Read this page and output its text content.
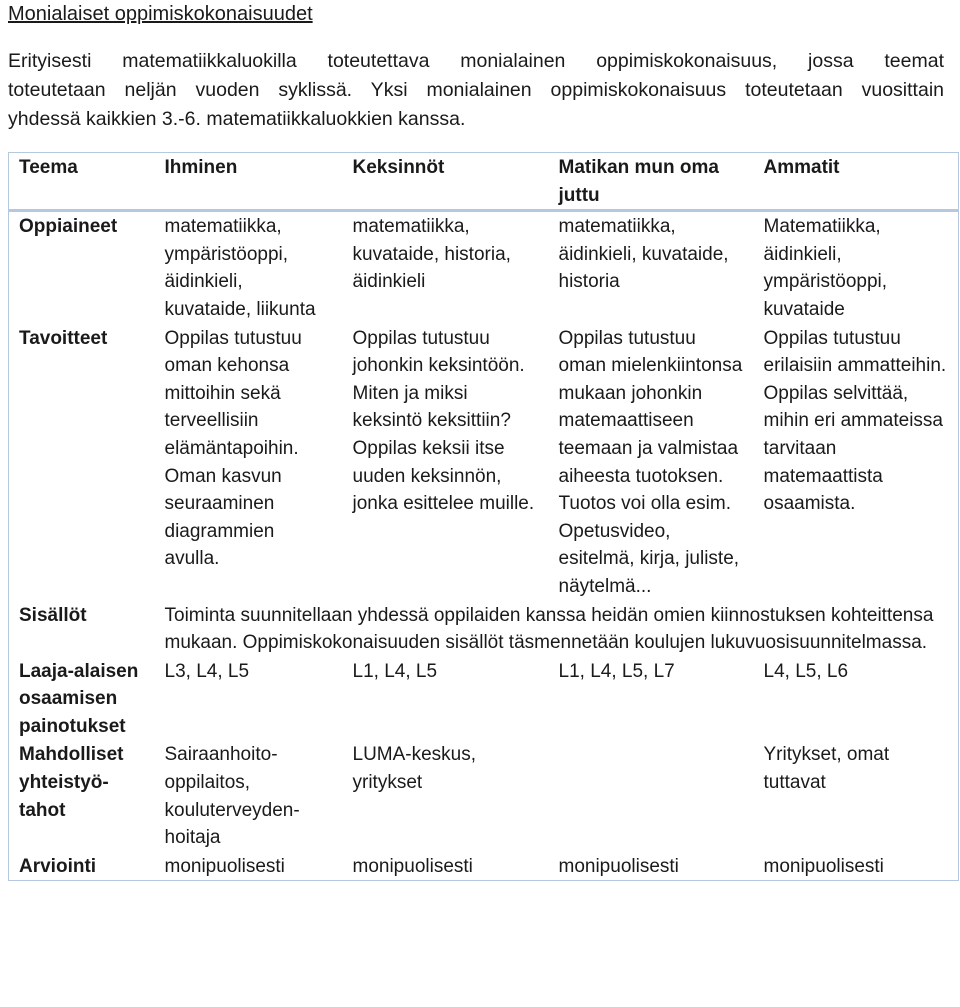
Monialaiset oppimiskokonaisuudet
Erityisesti matematiikkaluokilla toteutettava monialainen oppimiskokonaisuus, jossa teemat
toteutetaan neljän vuoden syklissä. Yksi monialainen oppimiskokonaisuus toteutetaan vuosittain
yhdessä kaikkien 3.-6. matematiikkaluokkien kanssa.
Teema	Ihminen	Keksinnöt	Matikan mun oma juttu	Ammatit
Oppiaineet	matematiikka, ympäristöoppi, äidinkieli, kuvataide, liikunta	matematiikka, kuvataide, historia, äidinkieli	matematiikka, äidinkieli, kuvataide, historia	Matematiikka, äidinkieli, ympäristöoppi, kuvataide
Tavoitteet	Oppilas tutustuu oman kehonsa mittoihin sekä terveellisiin elämäntapoihin. Oman kasvun seuraaminen diagrammien avulla.	Oppilas tutustuu johonkin keksintöön. Miten ja miksi keksintö keksittiin? Oppilas keksii itse uuden keksinnön, jonka esittelee muille.	Oppilas tutustuu oman mielenkiintonsa mukaan johonkin matemaattiseen teemaan ja valmistaa aiheesta tuotoksen. Tuotos voi olla esim. Opetusvideo, esitelmä, kirja, juliste, näytelmä...	Oppilas tutustuu erilaisiin ammatteihin. Oppilas selvittää, mihin eri ammateissa tarvitaan matemaattista osaamista.
Sisällöt	Toiminta suunnitellaan yhdessä oppilaiden kanssa heidän omien kiinnostuksen kohteittensa mukaan. Oppimiskokonaisuuden sisällöt täsmennetään koulujen lukuvuosisuunnitelmassa.			
Laaja-alaisen osaamisen painotukset	L3, L4, L5	L1, L4, L5	L1, L4, L5, L7	L4, L5, L6
Mahdolliset yhteistyö-tahot	Sairaanhoito-oppilaitos, kouluterveyden-hoitaja	LUMA-keskus, yritykset		Yritykset, omat tuttavat
Arviointi	monipuolisesti	monipuolisesti	monipuolisesti	monipuolisesti
